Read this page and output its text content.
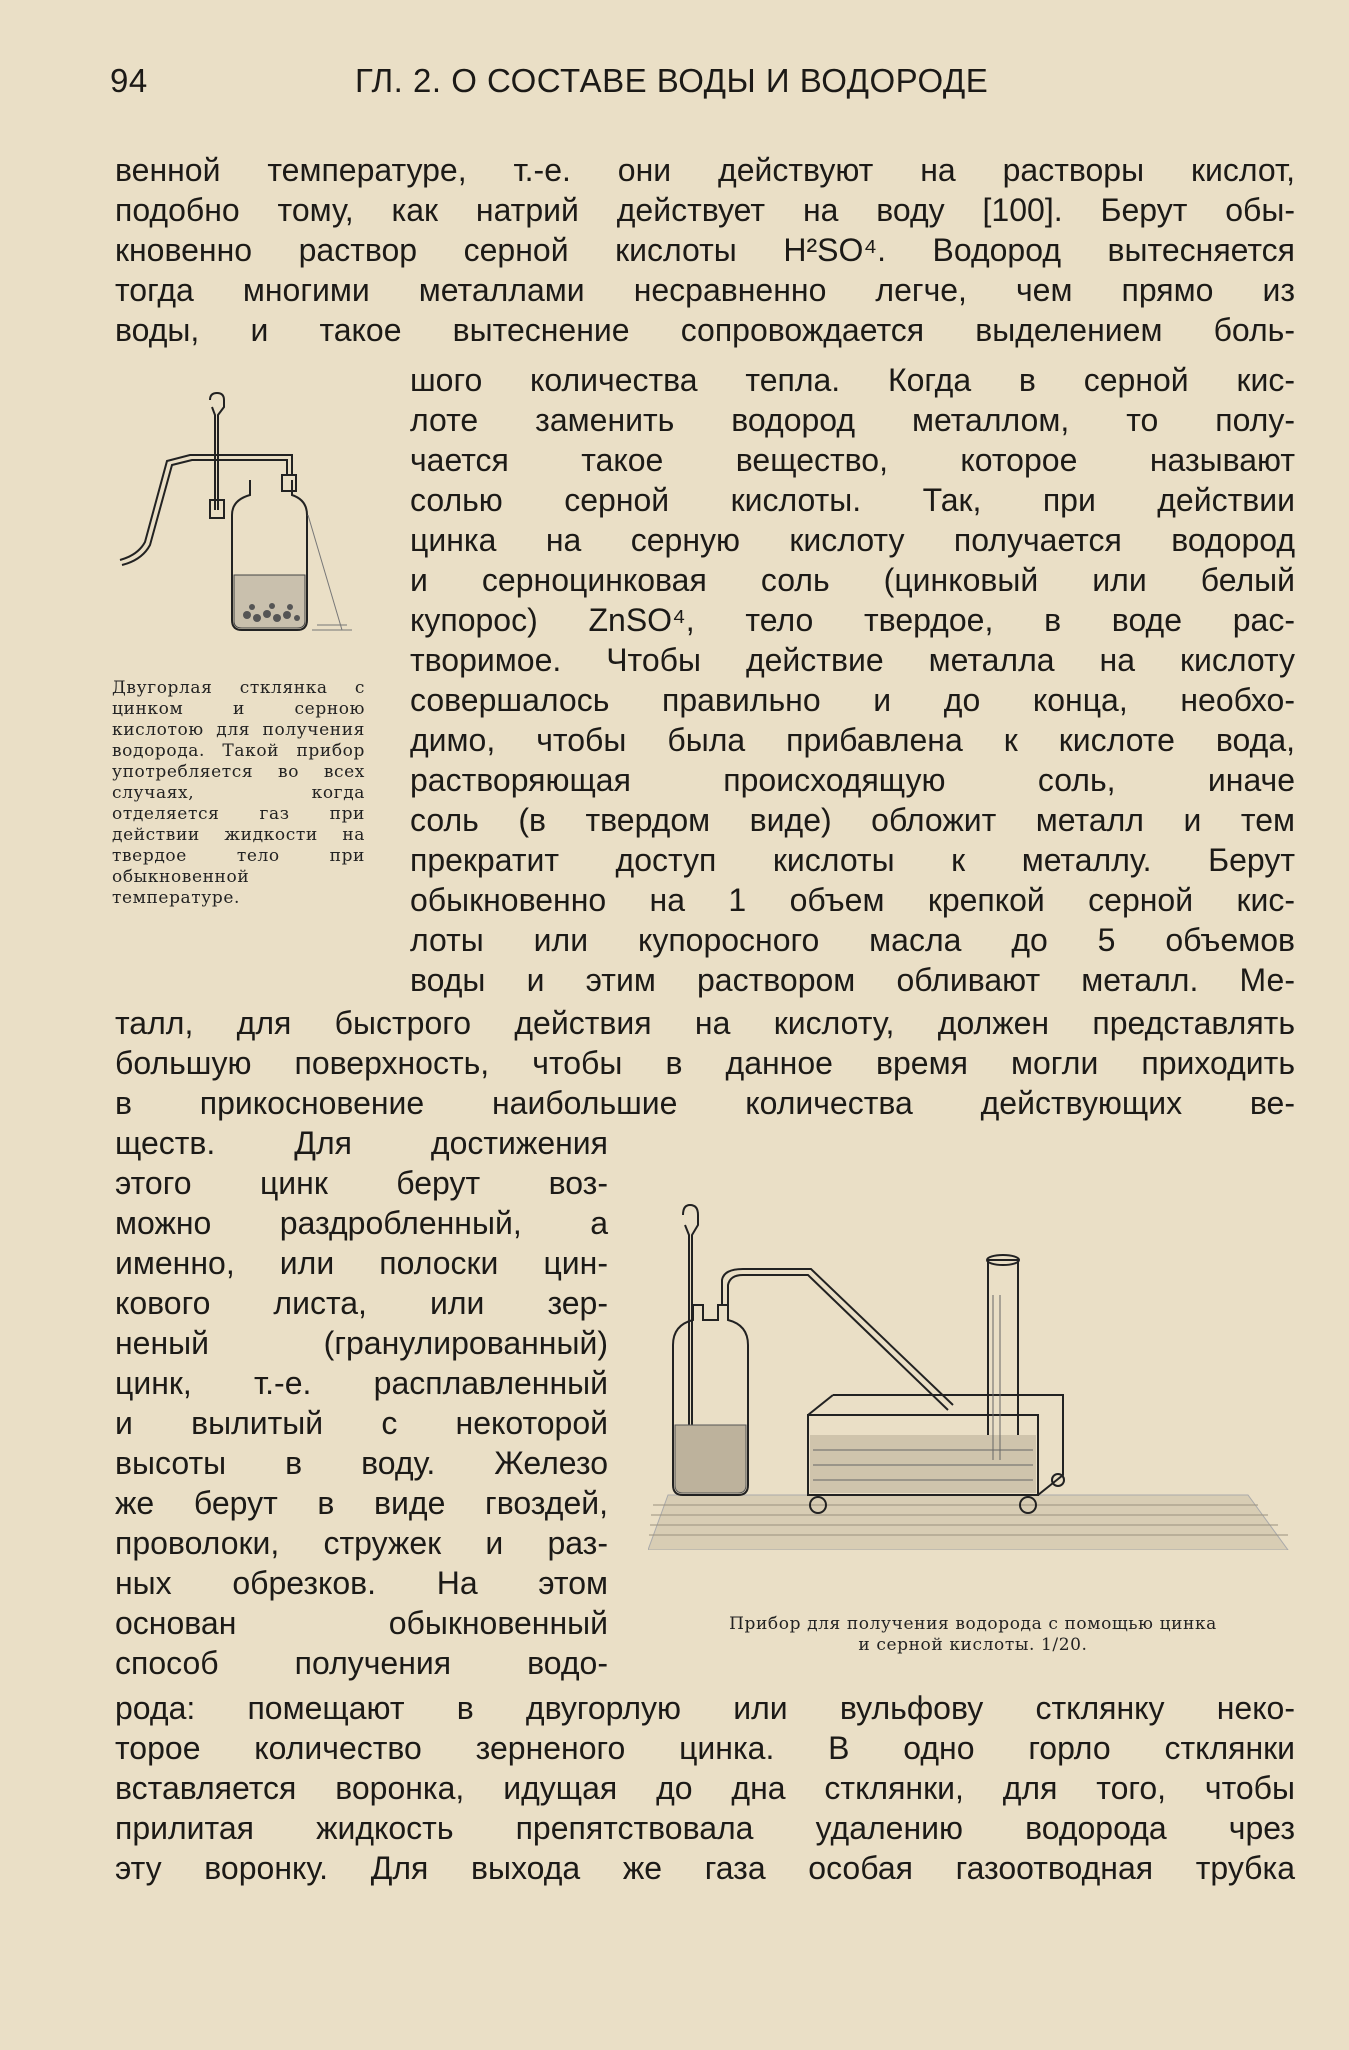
94	ГЛ. 2. О СОСТАВЕ ВОДЫ И ВОДОРОДЕ
венной температуре, т.-е. они действуют на растворы кислот,
подобно тому, как натрий действует на воду [100]. Берут обы-
кновенно раствор серной кислоты H²SO⁴. Водород вытесняется
тогда многими металлами несравненно легче, чем прямо из
воды, и такое вытеснение сопровождается выделением боль-
шого количества тепла. Когда в серной кис-
лоте заменить водород металлом, то полу-
чается такое вещество, которое называют
солью серной кислоты. Так, при действии
цинка на серную кислоту получается водород
и серноцинковая соль (цинковый или белый
купорос) ZnSO⁴, тело твердое, в воде рас-
творимое. Чтобы действие металла на кислоту
совершалось правильно и до конца, необхо-
димо, чтобы была прибавлена к кислоте вода,
растворяющая происходящую соль, иначе
соль (в твердом виде) обложит металл и тем
прекратит доступ кислоты к металлу. Берут
обыкновенно на 1 объем крепкой серной кис-
лоты или купоросного масла до 5 объемов
воды и этим раствором обливают металл. Ме-
талл, для быстрого действия на кислоту, должен представлять
большую поверхность, чтобы в данное время могли приходить
в прикосновение наибольшие количества действующих ве-
ществ. Для достижения
этого цинк берут воз-
можно раздробленный, а
именно, или полоски цин-
кового листа, или зер-
неный (гранулированный)
цинк, т.-е. расплавленный
и вылитый с некоторой
высоты в воду. Железо
же берут в виде гвоздей,
проволоки, стружек и раз-
ных обрезков. На этом
основан обыкновенный
способ получения водо-
рода: помещают в двугорлую или вульфову стклянку неко-
торое количество зерненого цинка. В одно горло стклянки
вставляется воронка, идущая до дна стклянки, для того, чтобы
прилитая жидкость препятствовала удалению водорода чрез
эту воронку. Для выхода же газа особая газоотводная трубка
Двугорлая стклянка с цинком и серною кислотою для получения водорода. Такой прибор употребляется во всех случаях, когда отделяется газ при действии жидкости на твердое тело при обыкновенной температуре.
Прибор для получения водорода с помощью цинка
и серной кислоты. 1/20.
